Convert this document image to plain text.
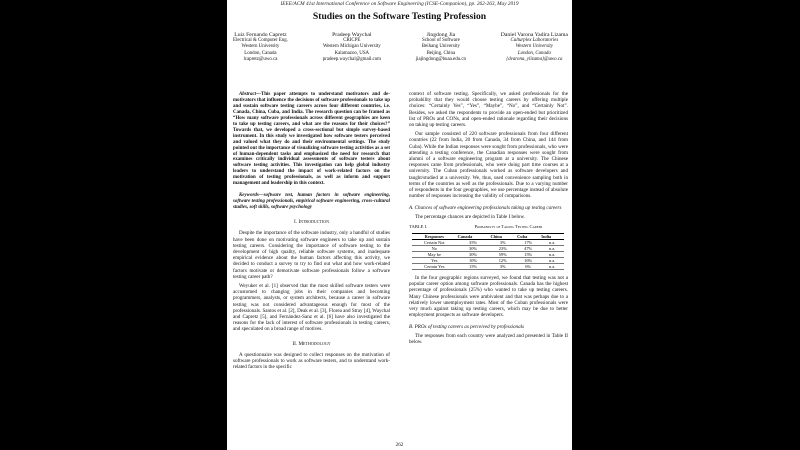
IEEE/ACM 41st International Conference on Software Engineering (ICSE-Companion), pp. 262-263, May 2019
Studies on the Software Testing Profession
Luiz Fernando Capretz
Electrical & Computer Eng.
Western University
London, Canada
lcapretz@uwo.ca
Pradeep Waychal
CRICPE
Western Michigan University
Kalamazoo, USA
pradeep.waychal@gmail.com
Jingdong Jia
School of Software
Beihang University
Beijing, China
jiajingdong@buaa.edu.cn
Daniel Varona Yadira Lizama
Culturplex Laboratories
Western University
London, Canada
{dvarona, ylizama}@uwo.ca

Abstract—This paper attempts to understand motivators and de-motivators that influence the decisions of software professionals to take up and sustain software testing careers across four different countries, i.e. Canada, China, Cuba, and India. The research question can be framed as “How many software professionals across different geographies are keen to take up testing careers, and what are the reasons for their choices?” Towards that, we developed a cross-sectional but simple survey-based instrument. In this study we investigated how software testers perceived and valued what they do and their environmental settings. The study pointed out the importance of visualizing software testing activities as a set of human-dependent tasks and emphasized the need for research that examines critically individual assessments of software testers about software testing activities. This investigation can help global industry leaders to understand the impact of work-related factors on the motivation of testing professionals, as well as inform and support management and leadership in this context.

Keywords—software test, human factors in software engineering, software testing professionals, empirical software engineering, cross-cultural studies, soft skills, software psychology

I. Introduction

Despite the importance of the software industry, only a handful of studies have been done on motivating software engineers to take up and sustain testing careers. Considering the importance of software testing to the development of high quality, reliable software systems, and inadequate empirical evidence about the human factors affecting this activity, we decided to conduct a survey to try to find out what and how work-related factors motivate or demotivate software professionals follow a software testing career path?

Weyuker et al. [1] observed that the most skilled software testers were accustomed to changing jobs in their companies and becoming programmers, analysts, or system architects, because a career in software testing was not considered advantageous enough for most of the professionals. Santos et al. [2], Deak et al. [3], Florea and Stray [4], Waychal and Capretz [5], and Fernández-Sanz et al. [6] have also investigated the reasons for the lack of interest of software professionals in testing careers, and speculated on a broad range of motives.

II. Methodology

A questionnaire was designed to collect responses on the motivation of software professionals to work as software testers, and to understand work-related factors in the specific

context of software testing. Specifically, we asked professionals for the probability that they would choose testing careers by offering multiple choices: “Certainly Yes”, “Yes”, “Maybe”, “No”, and “Certainly Not”. Besides, we asked the respondents to provide an open-ended but prioritized list of PROs and CONs, and open-ended rationale regarding their decisions on taking up testing careers.

Our sample consisted of 220 software professionals from four different countries (22 from India, 20 from Canada, 34 from China, and 144 from Cuba). While the Indian responses were sought from professionals, who were attending a testing conference, the Canadian responses were sought from alumni of a software engineering program at a university. The Chinese responses came from professionals, who were doing part time courses at a university. The Cuban professionals worked as software developers and taught/studied at a university. We, thus, used convenience sampling both in terms of the countries as well as the professionals. Due to a varying number of respondents in the four geographies, we use percentage instead of absolute number of responses increasing the validity of comparisons.

A. Chances of software engineering professionals taking up testing careers

The percentage chances are depicted in Table I below.

TABLE I.	Probability of Taking Testing Career
Responses	Canada	China	Cuba	India
Certain Not	35%	3%	17%	n.a.
No	30%	23%	47%	n.a.
May be	30%	59%	15%	n.a.
Yes	10%	12%	16%	n.a.
Certain Yes	15%	3%	6%	n.a.

In the four geographic regions surveyed, we found that testing was not a popular career option among software professionals. Canada has the highest percentage of professionals (25%) who wanted to take up testing careers. Many Chinese professionals were ambivalent and that was perhaps due to a relatively lower unemployment rates. Most of the Cuban professionals were very much against taking up testing careers, which may be due to better employment prospects as software developers.

B. PROs of testing careers as perceived by professionals

The responses from each country were analyzed and presented in Table II below.

262
